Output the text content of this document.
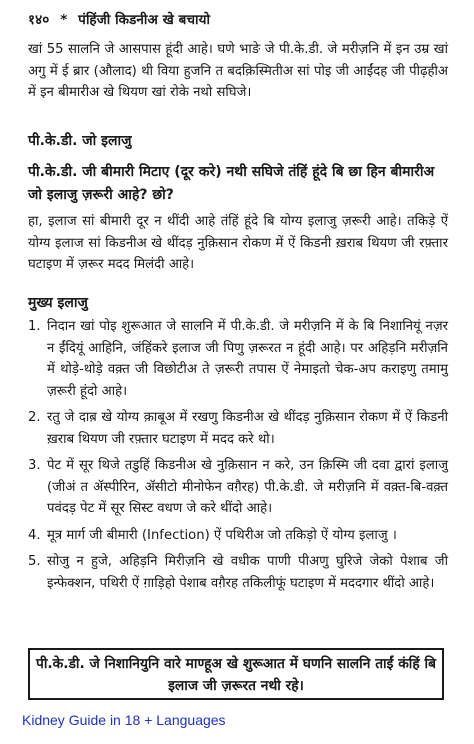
१४० * पंहिंजी किडनीअ खे बचायो

खां 55 सालनि जे आसपास हूंदी आहे। घणे भाङे जे पी.के.डी. जे मरीज़नि में इन उम्र खां अगु में ई ब्रार (औलाद) थी विया हुजनि त बदक़िस्मितीअ सां पोइ जी आईंदह जी पीढ़हीअ में इन बीमारीअ खे थियण खां रोके नथो सघिजे।

पी.के.डी. जो इलाजु
पी.के.डी. जी बीमारी मिटाए (दूर करे) नथी सघिजे तंहिं हूंदे बि छा हिन बीमारीअ जो इलाजु ज़रूरी आहे? छो?

हा, इलाज सां बीमारी दूर न थींदी आहे तंहिं हूंदे बि योग्य इलाजु ज़रूरी आहे। तकिड़े ऐं योग्य इलाज सां किडनीअ खे थींदड़ नुक़िसान रोकण में ऐं किडनी ख़राब थियण जी रफ़्तार घटाइण में ज़रूर मदद मिलंदी आहे।

मुख्य इलाजु
1. निदान खां पोइ शुरूआत जे सालनि में पी.के.डी. जे मरीज़नि में के बि निशानियूं नज़र न ईंदियूं आहिनि, जंहिंकरे इलाज जी पिणु ज़रूरत न हूंदी आहे। पर अहिड़नि मरीज़नि में थोड़े-थोड़े वक़्त जी विछोटीअ ते ज़रूरी तपास ऐं नेमाइतो चेक-अप कराइणु तमामु ज़रूरी हूंदो आहे।
2. रतु जे दाब़ खे योग्य क़ाबूअ में रखणु किडनीअ खे थींदड़ नुक़िसान रोकण में ऐं किडनी ख़राब थियण जी रफ़्तार घटाइण में मदद करे थो।
3. पेट में सूर थिजे तडुहिं किडनीअ खे नुक़िसान न करे, उन क़िस्मि जी दवा द्वारां इलाजु (जीअं त ॲस्पीरिन, ॲसीटो मीनोफेन वग़ैरह) पी.के.डी. जे मरीज़नि में वक़्त-बि-वक़्त पवंदड़ पेट में सूर सिस्ट वधण जे करे थींदो आहे।
4. मूत्र मार्ग जी बीमारी (Infection) ऐं पथिरीअ जो तकिड़ो ऐं योग्य इलाजु ।
5. सोजु न हुजे, अहिड़नि मिरीज़नि खे वधीक पाणी पीअणु घुरिजे जेको पेशाब जी इन्फेक्शन, पथिरी ऐं ग़ाड़िहो पेशाब वग़ैरह तकिलीफूं घटाइण में मददगार थींदो आहे।
पी.के.डी. जे निशानियुनि वारे माण्हूअ खे शुरूआत में घणनि सालनि ताईं कंहिं बि इलाज जी ज़रूरत नथी रहे।
Kidney Guide in 18 + Languages
